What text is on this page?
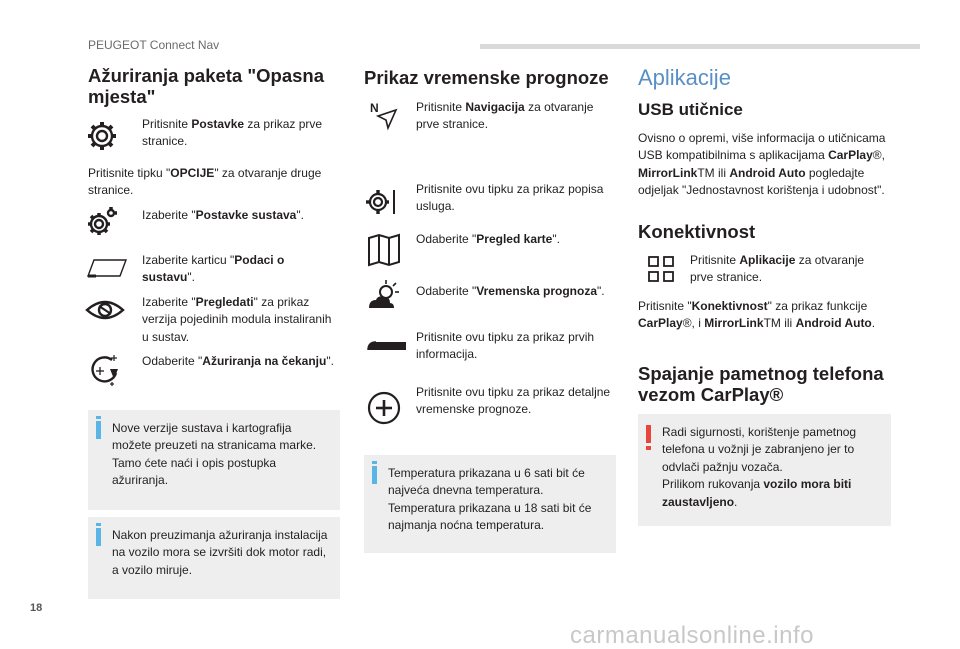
PEUGEOT Connect Nav
Ažuriranja paketa "Opasna mjesta"
Pritisnite Postavke za prikaz prve stranice.
Pritisnite tipku "OPCIJE" za otvaranje druge stranice.
Izaberite "Postavke sustava".
Izaberite karticu "Podaci o sustavu".
Izaberite "Pregledati" za prikaz verzija pojedinih modula instaliranih u sustav.
Odaberite "Ažuriranja na čekanju".
Nove verzije sustava i kartografija možete preuzeti na stranicama marke.
Tamo ćete naći i opis postupka ažuriranja.
Nakon preuzimanja ažuriranja instalacija na vozilo mora se izvršiti dok motor radi, a vozilo miruje.
Prikaz vremenske prognoze
N	Pritisnite Navigacija za otvaranje prve stranice.
Pritisnite ovu tipku za prikaz popisa usluga.
Odaberite "Pregled karte".
Odaberite "Vremenska prognoza".
Pritisnite ovu tipku za prikaz prvih informacija.
Pritisnite ovu tipku za prikaz detaljne vremenske prognoze.
Temperatura prikazana u 6 sati bit će najveća dnevna temperatura.
Temperatura prikazana u 18 sati bit će najmanja noćna temperatura.
Aplikacije
USB utičnice
Ovisno o opremi, više informacija o utičnicama USB kompatibilnima s aplikacijama CarPlay®, MirrorLinkTM ili Android Auto pogledajte odjeljak "Jednostavnost korištenja i udobnost".
Konektivnost
Pritisnite Aplikacije za otvaranje prve stranice.
Pritisnite "Konektivnost" za prikaz funkcije CarPlay®, i MirrorLinkTM ili Android Auto.
Spajanje pametnog telefona vezom CarPlay®
Radi sigurnosti, korištenje pametnog telefona u vožnji je zabranjeno jer to odvlači pažnju vozača.
Prilikom rukovanja vozilo mora biti zaustavljeno.
18
carmanualsonline.info
